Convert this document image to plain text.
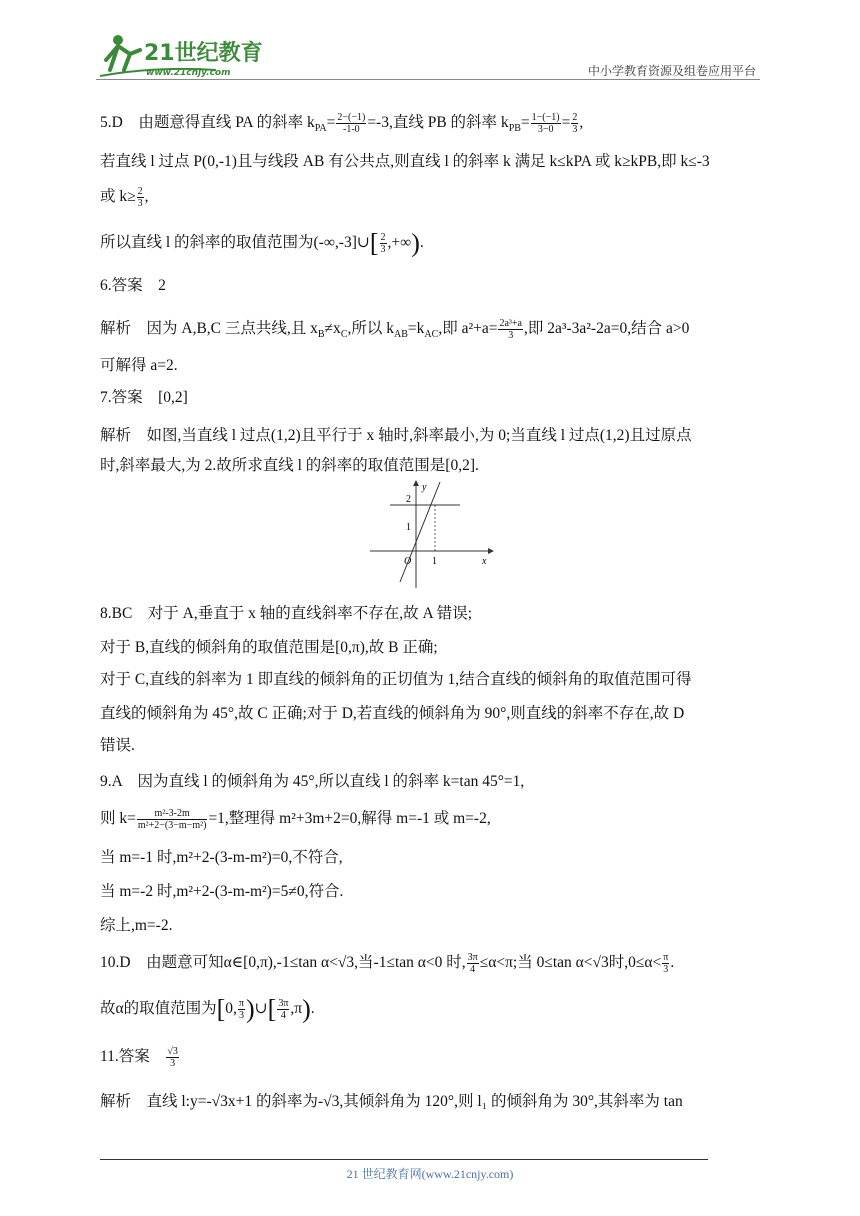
21世纪教育
www.21cnjy.com	中小学教育资源及组卷应用平台
5.D　由题意得直线 PA 的斜率 $k_{PA}= \frac{2-(-1)}{-1-0} =-3$,直线 PB 的斜率 $k_{PB}= \frac{1-(-1)}{3-0} = \frac{2}{3}$ ,
若直线 l 过点 P(0,-1)且与线段 AB 有公共点,则直线 l 的斜率 k 满足 k≤kPA 或 k≥kPB,即 k≤-3
或 $k\ge \frac{2}{3}$ ,
所以直线 l 的斜率的取值范围为(-∞,-3]∪[ $\frac{2}{3}$ ,+∞).
6.答案　2
解析　因为 A,B,C 三点共线,且 $x_B\ne x_C$,所以 $k_{AB}=k_{AC}$,即 $a^2+a= \frac{\text{2a³+a}}{3}$ ,即 2a³-3a²-2a=0,结合 a>0
可解得 a=2.
7.答案　[0,2]
解析　如图,当直线 l 过点(1,2)且平行于 x 轴时,斜率最小,为 0;当直线 l 过点(1,2)且过原点
时,斜率最大,为 2.故所求直线 l 的斜率的取值范围是[0,2].
8.BC　对于 A,垂直于 x 轴的直线斜率不存在,故 A 错误;
对于 B,直线的倾斜角的取值范围是[0,π),故 B 正确;
对于 C,直线的斜率为 1 即直线的倾斜角的正切值为 1,结合直线的倾斜角的取值范围可得
直线的倾斜角为 45°,故 C 正确;对于 D,若直线的倾斜角为 90°,则直线的斜率不存在,故 D
错误.
9.A　因为直线 l 的倾斜角为 45°,所以直线 l 的斜率 k=tan 45°=1,
则 $k= \frac{\text{m²-3-2m}}{\text{m²+2−(3−m−m²)}} =1$,整理得 m²+3m+2=0,解得 m=-1 或 m=-2,
当 m=-1 时,m²+2-(3-m-m²)=0,不符合,
当 m=-2 时,m²+2-(3-m-m²)=5≠0,符合.
综上,m=-2.
10.D　由题意可知α∈[0,π),-1≤tan α<√3,当-1≤tan α<0 时, $\frac{3\pi}{4} \le\alpha<\pi$;当 0≤tan α<√3时$,0\le\alpha< \frac{\pi}{3}$ .
故α的取值范围为[0, $\frac{\pi}{3}$ )∪[ $\frac{3\pi}{4} ,\pi$).
11.答案　 $\frac{√3}{3}$
解析　直线 l:y=-√3x+1 的斜率为-√3,其倾斜角为 120°,则 l₁ 的倾斜角为 30°,其斜率为 tan
y
x
O
2
1
1
21 世纪教育网(www.21cnjy.com)
